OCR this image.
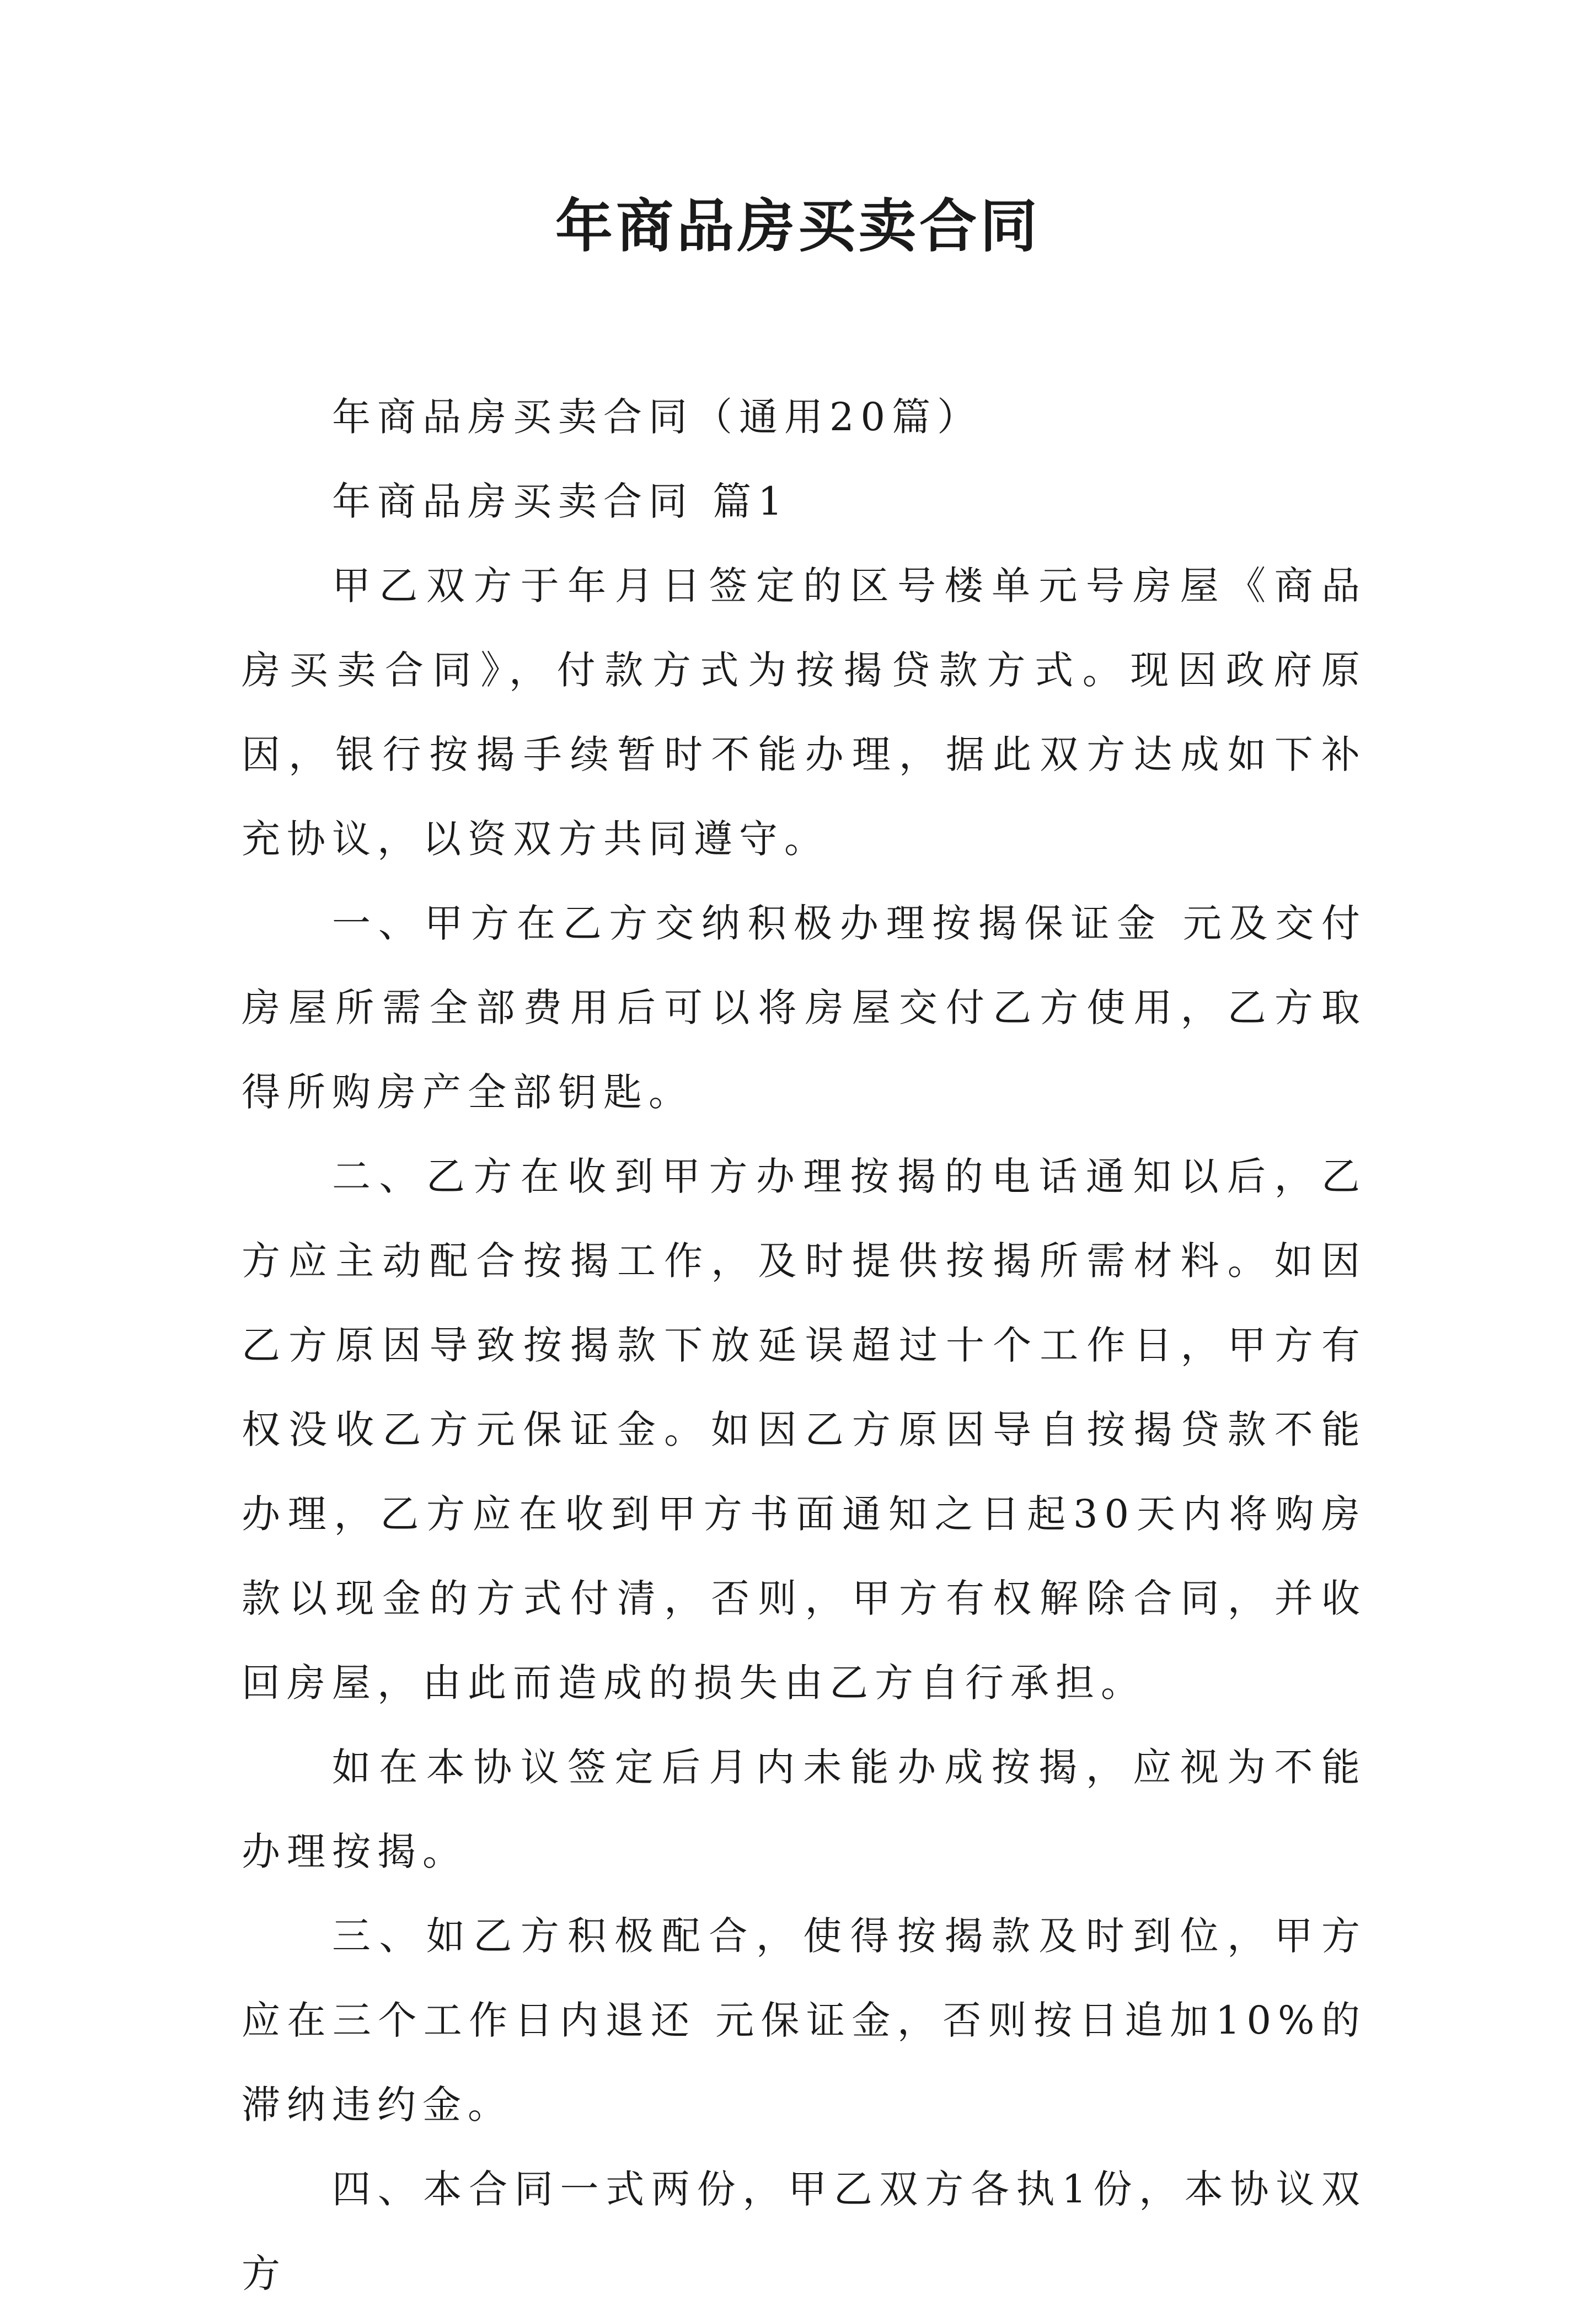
年商品房买卖合同

年商品房买卖合同（通用20篇）

年商品房买卖合同 篇1

甲乙双方于年月日签定的区号楼单元号房屋《商品房买卖合同》，付款方式为按揭贷款方式。现因政府原因，银行按揭手续暂时不能办理，据此双方达成如下补充协议，以资双方共同遵守。

一、甲方在乙方交纳积极办理按揭保证金 元及交付房屋所需全部费用后可以将房屋交付乙方使用，乙方取得所购房产全部钥匙。

二、乙方在收到甲方办理按揭的电话通知以后，乙方应主动配合按揭工作，及时提供按揭所需材料。如因乙方原因导致按揭款下放延误超过十个工作日，甲方有权没收乙方元保证金。如因乙方原因导自按揭贷款不能办理，乙方应在收到甲方书面通知之日起30天内将购房款以现金的方式付清，否则，甲方有权解除合同，并收回房屋，由此而造成的损失由乙方自行承担。

如在本协议签定后月内未能办成按揭，应视为不能办理按揭。

三、如乙方积极配合，使得按揭款及时到位，甲方应在三个工作日内退还 元保证金，否则按日追加10%的滞纳违约金。

四、本合同一式两份，甲乙双方各执1份，本协议双方
